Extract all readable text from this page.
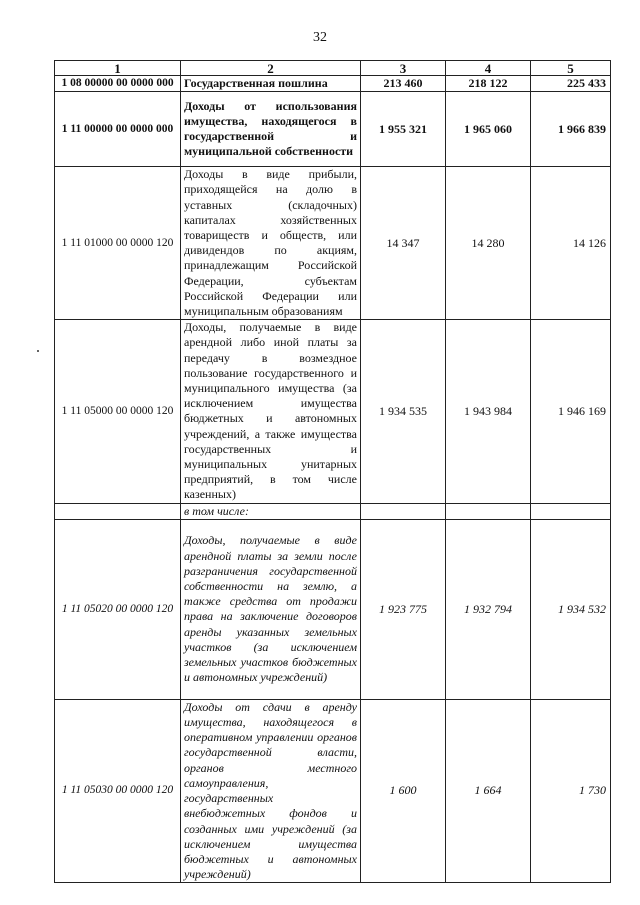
32
1	2	3	4	5
1 08 00000 00 0000 000	Государственная пошлина	213 460	218 122	225 433
1 11 00000 00 0000 000	Доходы от использования имущества, находящегося в государственной и муниципальной собственности	1 955 321	1 965 060	1 966 839
1 11 01000 00 0000 120	Доходы в виде прибыли, приходящейся на долю в уставных (складочных) капиталах хозяйственных товариществ и обществ, или дивидендов по акциям, принадлежащим Российской Федерации, субъектам Российской Федерации или муниципальным образованиям	14 347	14 280	14 126
1 11 05000 00 0000 120	Доходы, получаемые в виде арендной либо иной платы за передачу в возмездное пользование государственного и муниципального имущества (за исключением имущества бюджетных и автономных учреждений, а также имущества государственных и муниципальных унитарных предприятий, в том числе казенных)	1 934 535	1 943 984	1 946 169
	в том числе:			
1 11 05020 00 0000 120	Доходы, получаемые в виде арендной платы за земли после разграничения государственной собственности на землю, а также средства от продажи права на заключение договоров аренды указанных земельных участков (за исключением земельных участков бюджетных и автономных учреждений)	1 923 775	1 932 794	1 934 532
1 11 05030 00 0000 120	Доходы от сдачи в аренду имущества, находящегося в оперативном управлении органов государственной власти, органов местного самоуправления, государственных внебюджетных фондов и созданных ими учреждений (за исключением имущества бюджетных и автономных учреждений)	1 600	1 664	1 730
